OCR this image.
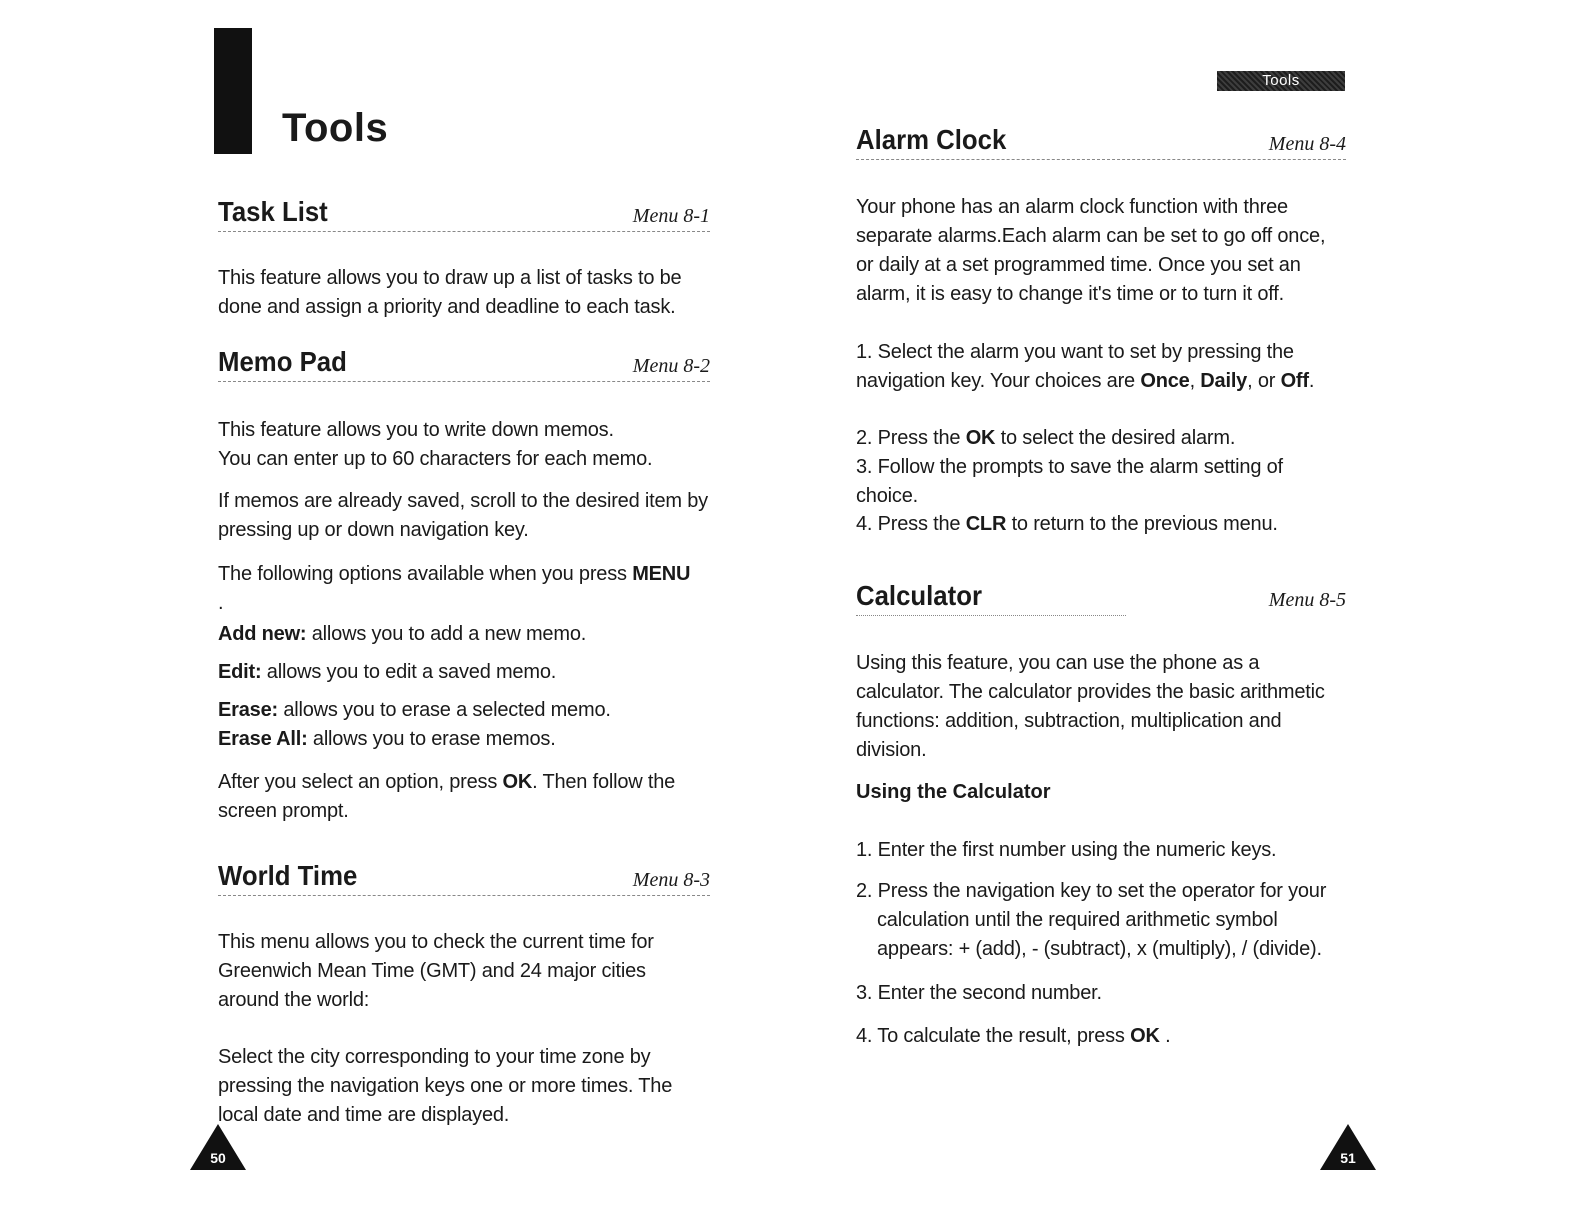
Tools
Tools
Task List	Menu 8-1

This feature allows you to draw up a list of tasks to be done and assign a priority and deadline to each task.

Memo Pad	Menu 8-2

This feature allows you to write down memos.
You can enter up to 60 characters for each memo.

If memos are already saved, scroll to the desired item by pressing up or down navigation key.

The following options available when you press MENU
.

Add new: allows you to add a new memo.

Edit: allows you to edit a saved memo.

Erase: allows you to erase a selected memo.

Erase All: allows you to erase memos.

After you select an option, press OK. Then follow the screen prompt.

World Time	Menu 8-3

This menu allows you to check the current time for Greenwich Mean Time (GMT) and 24 major cities around the world:

Select the city corresponding to your time zone by pressing the navigation keys one or more times. The local date and time are displayed.

Alarm Clock	Menu 8-4

Your phone has an alarm clock function with three separate alarms.Each alarm can be set to go off once, or daily at a set programmed time. Once you set an alarm, it is easy to change it's time or to turn it off.

1. Select the alarm you want to set by pressing the navigation key. Your choices are Once, Daily, or Off.

2. Press the OK to select the desired alarm.

3. Follow the prompts to save the alarm setting of choice.

4. Press the CLR to return to the previous menu.

Calculator	Menu 8-5

Using this feature, you can use the phone as a calculator. The calculator provides the basic arithmetic functions: addition, subtraction, multiplication and division.

Using the Calculator

1. Enter the first number using the numeric keys.

2. Press the navigation key to set the operator for your calculation until the required arithmetic symbol appears: + (add), - (subtract), x (multiply), / (divide).

3. Enter the second number.

4. To calculate the result, press OK .

50	51
